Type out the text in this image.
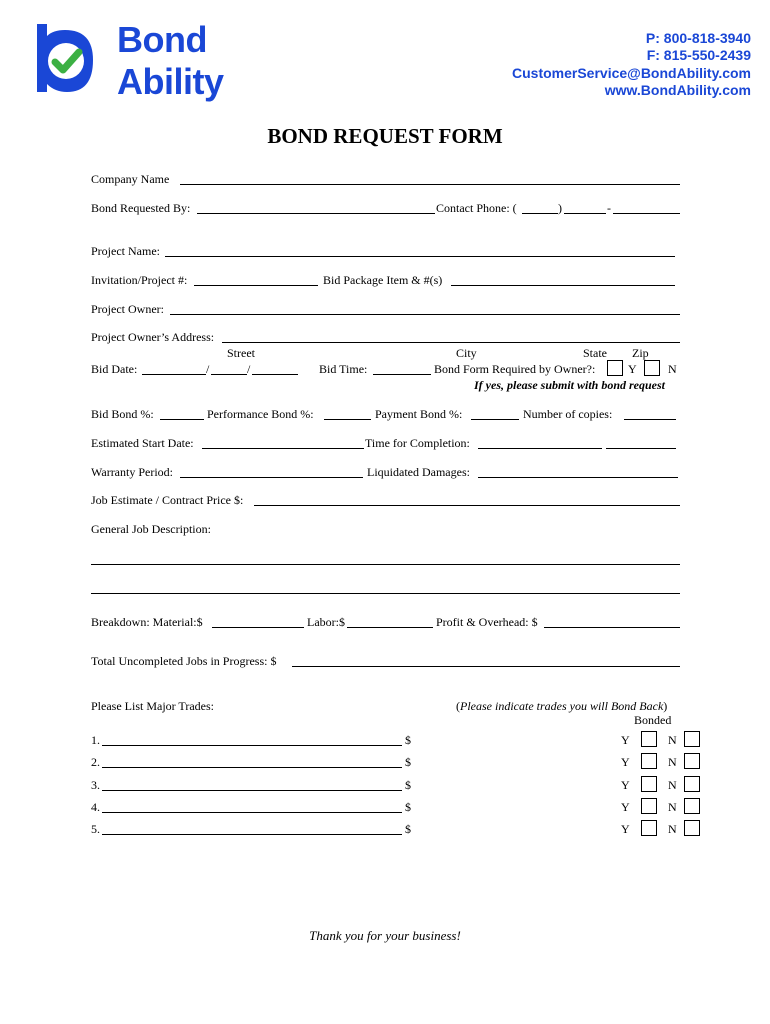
Bond
Ability
P: 800-818-3940
F: 815-550-2439
CustomerService@BondAbility.com
www.BondAbility.com
BOND REQUEST FORM
Company Name
Bond Requested By:	Contact Phone: (	)	-
Project Name:
Invitation/Project #:	Bid Package Item & #(s)
Project Owner:
Project Owner’s Address:
Street	City	State Zip
Bid Date:	/	/	Bid Time:	Bond Form Required by Owner?:	Y	N
If yes, please submit with bond request
Bid Bond %:	Performance Bond %:	Payment Bond %:	Number of copies:
Estimated Start Date:	Time for Completion:
Warranty Period:	Liquidated Damages:
Job Estimate / Contract Price $:
General Job Description:
Breakdown: Material:$	Labor:$	Profit & Overhead: $
Total Uncompleted Jobs in Progress: $
Please List Major Trades:	(Please indicate trades you will Bond Back)
Bonded
1.	$	Y	N
2.	$	Y	N
3.	$	Y	N
4.	$	Y	N
5.	$	Y	N
Thank you for your business!
